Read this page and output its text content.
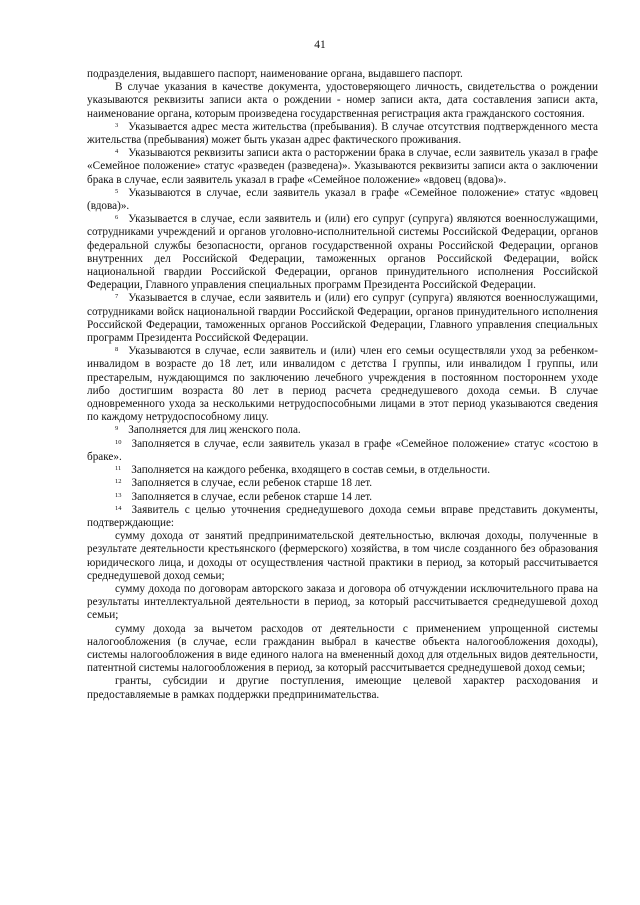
41

подразделения, выдавшего паспорт, наименование органа, выдавшего паспорт.

В случае указания в качестве документа, удостоверяющего личность, свидетельства о рождении указываются реквизиты записи акта о рождении - номер записи акта, дата составления записи акта, наименование органа, которым произведена государственная регистрация акта гражданского состояния.

$^3$ Указывается адрес места жительства (пребывания). В случае отсутствия подтвержденного места жительства (пребывания) может быть указан адрес фактического проживания.

$^4$ Указываются реквизиты записи акта о расторжении брака в случае, если заявитель указал в графе «Семейное положение» статус «разведен (разведена)». Указываются реквизиты записи акта о заключении брака в случае, если заявитель указал в графе «Семейное положение» «вдовец (вдова)».

$^5$ Указываются в случае, если заявитель указал в графе «Семейное положение» статус «вдовец (вдова)».

$^6$ Указывается в случае, если заявитель и (или) его супруг (супруга) являются военнослужащими, сотрудниками учреждений и органов уголовно-исполнительной системы Российской Федерации, органов федеральной службы безопасности, органов государственной охраны Российской Федерации, органов внутренних дел Российской Федерации, таможенных органов Российской Федерации, войск национальной гвардии Российской Федерации, органов принудительного исполнения Российской Федерации, Главного управления специальных программ Президента Российской Федерации.

$^7$ Указывается в случае, если заявитель и (или) его супруг (супруга) являются военнослужащими, сотрудниками войск национальной гвардии Российской Федерации, органов принудительного исполнения Российской Федерации, таможенных органов Российской Федерации, Главного управления специальных программ Президента Российской Федерации.

$^8$ Указываются в случае, если заявитель и (или) член его семьи осуществляли уход за ребенком-инвалидом в возрасте до 18 лет, или инвалидом с детства I группы, или инвалидом I группы, или престарелым, нуждающимся по заключению лечебного учреждения в постоянном постороннем уходе либо достигшим возраста 80 лет в период расчета среднедушевого дохода семьи. В случае одновременного ухода за несколькими нетрудоспособными лицами в этот период указываются сведения по каждому нетрудоспособному лицу.

$^9$ Заполняется для лиц женского пола.

$^{10}$ Заполняется в случае, если заявитель указал в графе «Семейное положение» статус «состою в браке».

$^{11}$ Заполняется на каждого ребенка, входящего в состав семьи, в отдельности.

$^{12}$ Заполняется в случае, если ребенок старше 18 лет.

$^{13}$ Заполняется в случае, если ребенок старше 14 лет.

$^{14}$ Заявитель с целью уточнения среднедушевого дохода семьи вправе представить документы, подтверждающие:

сумму дохода от занятий предпринимательской деятельностью, включая доходы, полученные в результате деятельности крестьянского (фермерского) хозяйства, в том числе созданного без образования юридического лица, и доходы от осуществления частной практики в период, за который рассчитывается среднедушевой доход семьи;

сумму дохода по договорам авторского заказа и договора об отчуждении исключительного права на результаты интеллектуальной деятельности в период, за который рассчитывается среднедушевой доход семьи;

сумму дохода за вычетом расходов от деятельности с применением упрощенной системы налогообложения (в случае, если гражданин выбрал в качестве объекта налогообложения доходы), системы налогообложения в виде единого налога на вмененный доход для отдельных видов деятельности, патентной системы налогообложения в период, за который рассчитывается среднедушевой доход семьи;

гранты, субсидии и другие поступления, имеющие целевой характер расходования и предоставляемые в рамках поддержки предпринимательства.
